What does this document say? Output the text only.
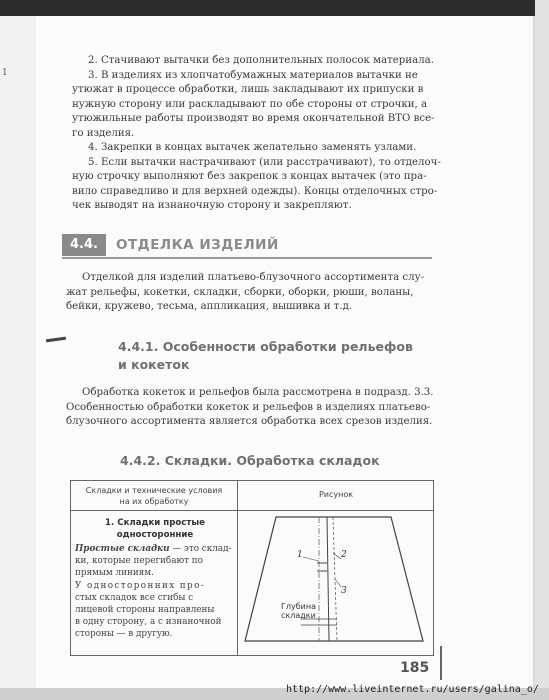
1
2. Стачивают вытачки без дополнительных полосок материала.
3. В изделиях из хлопчатобумажных материалов вытачки не
утюжат в процессе обработки, лишь закладывают их припуски в
нужную сторону или раскладывают по обе стороны от строчки, а
утюжильные работы производят во время окончательной ВТО все-
го изделия.
4. Закрепки в концах вытачек желательно заменять узлами.
5. Если вытачки настрачивают (или расстрачивают), то отделоч-
ную строчку выполняют без закрепок з концах вытачек (это пра-
вило справедливо и для верхней одежды). Концы отделочных стро-
чек выводят на изнаночную сторону и закрепляют.
4.4.	ОТДЕЛКА ИЗДЕЛИЙ
Отделкой для изделий платьево-блузочного ассортимента слу-
жат рельефы, кокетки, складки, сборки, оборки, рюши, воланы,
бейки, кружево, тесьма, аппликация, вышивка и т.д.
4.4.1. Особенности обработки рельефов
и кокеток
Обработка кокеток и рельефов была рассмотрена в подразд. 3.3.
Особенностью обработки кокеток и рельефов в изделиях платьево-
блузочного ассортимента является обработка всех срезов изделия.
4.4.2. Складки. Обработка складок
Складки и технические условия
на их обработку
Рисунок
1. Складки простые
односторонние
Простые складки — это склад-
ки, которые перегибают по
прямым линиям.
У односторонних про-
стых складок все сгибы с
лицевой стороны направлены
в одну сторону, а с изнаночной
стороны — в другую.
1	2
3
Глубина
складки
185
http://www.liveinternet.ru/users/galina_o/
